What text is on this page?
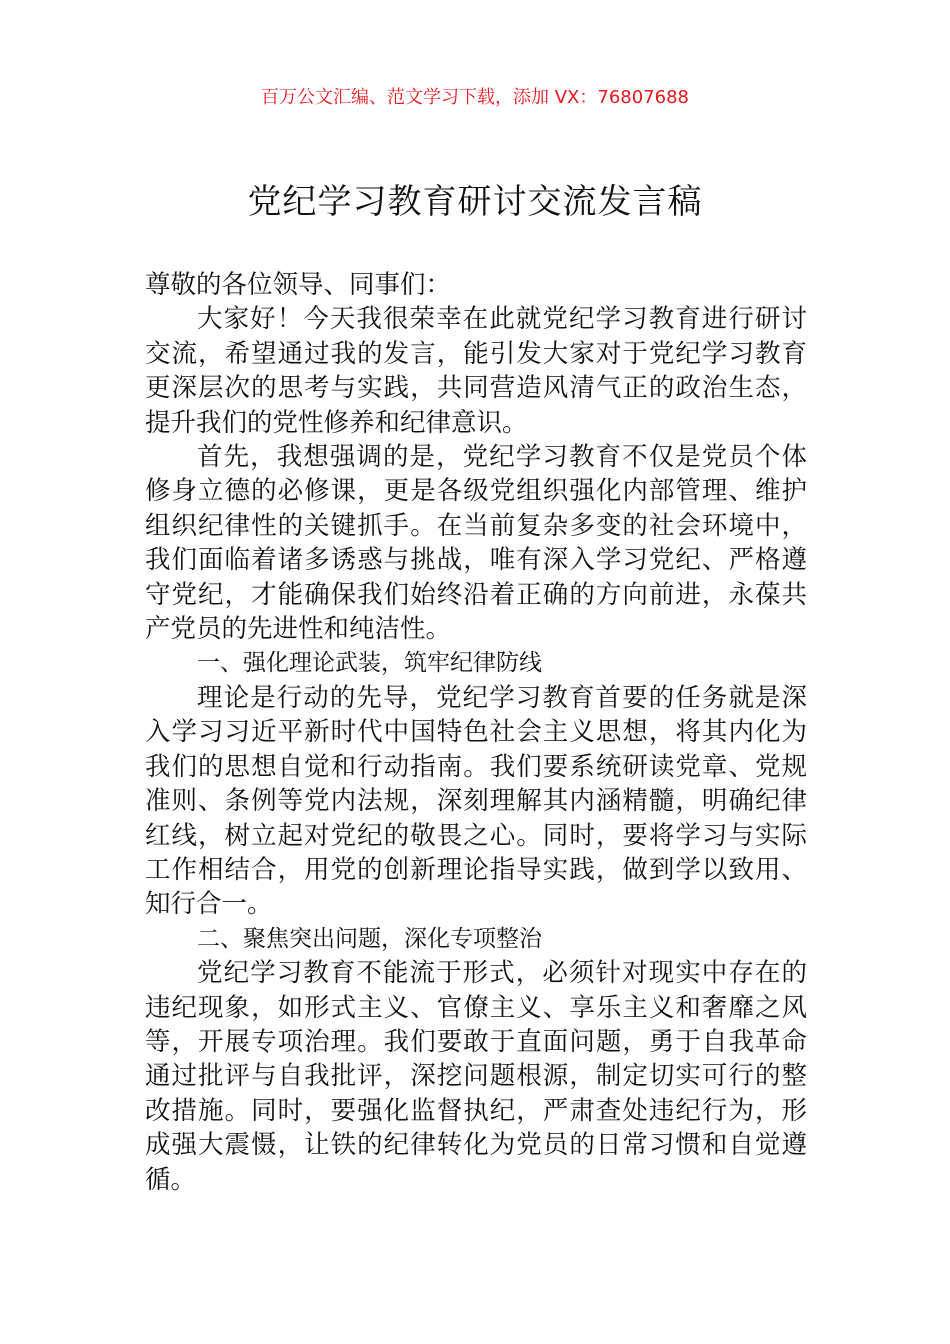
百万公文汇编、范文学习下载，添加 VX：76807688
党纪学习教育研讨交流发言稿

尊敬的各位领导、同事们：

大家好！今天我很荣幸在此就党纪学习教育进行研讨交流，希望通过我的发言，能引发大家对于党纪学习教育更深层次的思考与实践，共同营造风清气正的政治生态，提升我们的党性修养和纪律意识。

首先，我想强调的是，党纪学习教育不仅是党员个体修身立德的必修课，更是各级党组织强化内部管理、维护组织纪律性的关键抓手。在当前复杂多变的社会环境中，我们面临着诸多诱惑与挑战，唯有深入学习党纪、严格遵守党纪，才能确保我们始终沿着正确的方向前进，永葆共产党员的先进性和纯洁性。

一、强化理论武装，筑牢纪律防线

理论是行动的先导，党纪学习教育首要的任务就是深入学习习近平新时代中国特色社会主义思想，将其内化为我们的思想自觉和行动指南。我们要系统研读党章、党规准则、条例等党内法规，深刻理解其内涵精髓，明确纪律红线，树立起对党纪的敬畏之心。同时，要将学习与实际工作相结合，用党的创新理论指导实践，做到学以致用、知行合一。

二、聚焦突出问题，深化专项整治

党纪学习教育不能流于形式，必须针对现实中存在的违纪现象，如形式主义、官僚主义、享乐主义和奢靡之风等，开展专项治理。我们要敢于直面问题，勇于自我革命通过批评与自我批评，深挖问题根源，制定切实可行的整改措施。同时，要强化监督执纪，严肃查处违纪行为，形成强大震慑，让铁的纪律转化为党员的日常习惯和自觉遵循。
